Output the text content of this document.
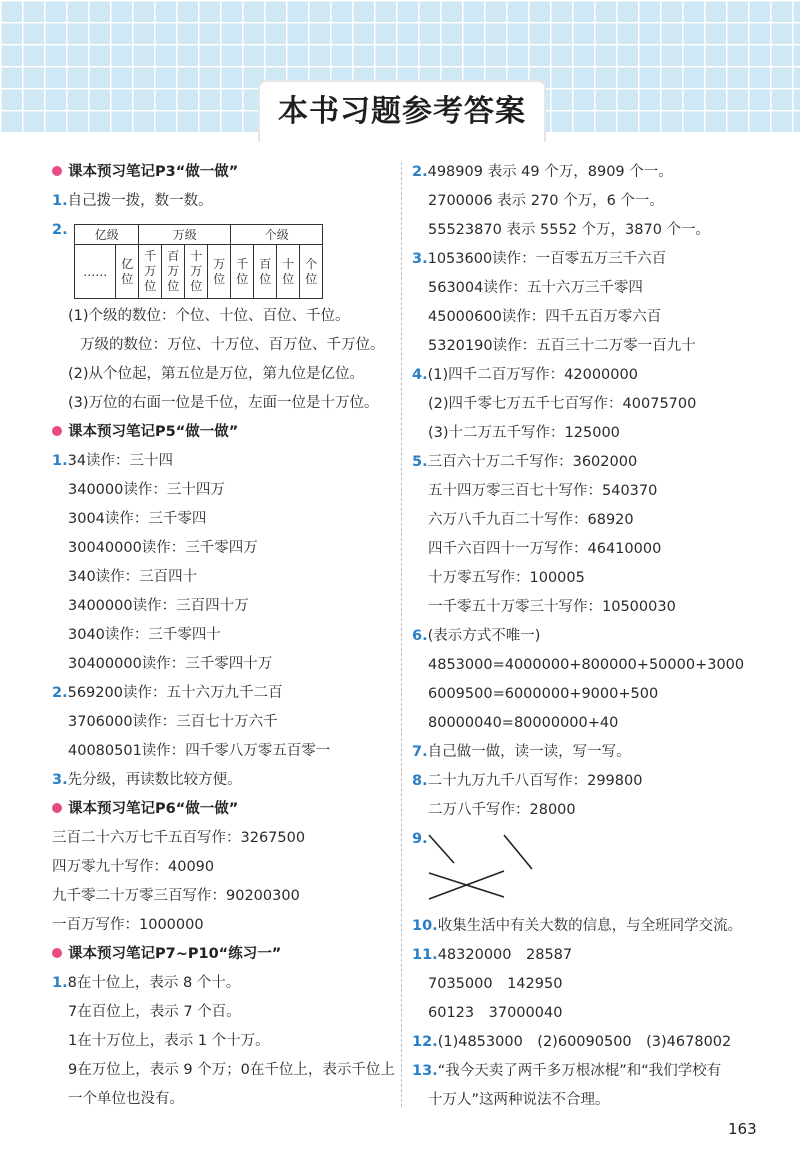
本书习题参考答案
课本预习笔记P3“做一做”
1.自己拨一拨，数一数。
2. 亿级		万级				个级			
……	亿位	千万位	百万位	十万位	万位	千位	百位	十位	个位
(1)个级的数位：个位、十位、百位、千位。
万级的数位：万位、十万位、百万位、千万位。
(2)从个位起，第五位是万位，第九位是亿位。
(3)万位的右面一位是千位，左面一位是十万位。
课本预习笔记P5“做一做”
1.34读作：三十四
340000读作：三十四万
3004读作：三千零四
30040000读作：三千零四万
340读作：三百四十
3400000读作：三百四十万
3040读作：三千零四十
30400000读作：三千零四十万
2.569200读作：五十六万九千二百
3706000读作：三百七十万六千
40080501读作：四千零八万零五百零一
3.先分级，再读数比较方便。
课本预习笔记P6“做一做”
三百二十六万七千五百写作：3267500
四万零九十写作：40090
九千零二十万零三百写作：90200300
一百万写作：1000000
课本预习笔记P7~P10“练习一”
1.8在十位上，表示 8 个十。
7在百位上，表示 7 个百。
1在十万位上，表示 1 个十万。
9在万位上，表示 9 个万；0在千位上，表示千位上
一个单位也没有。
2.498909 表示 49 个万，8909 个一。
2700006 表示 270 个万，6 个一。
55523870 表示 5552 个万，3870 个一。
3.1053600读作：一百零五万三千六百
563004读作：五十六万三千零四
45000600读作：四千五百万零六百
5320190读作：五百三十二万零一百九十
4.(1)四千二百万写作：42000000
(2)四千零七万五千七百写作：40075700
(3)十二万五千写作：125000
5.三百六十万二千写作：3602000
五十四万零三百七十写作：540370
六万八千九百二十写作：68920
四千六百四十一万写作：46410000
十万零五写作：100005
一千零五十万零三十写作：10500030
6.(表示方式不唯一)
4853000=4000000+800000+50000+3000
6009500=6000000+9000+500
80000040=80000000+40
7.自己做一做，读一读，写一写。
8.二十九万九千八百写作：299800
二万八千写作：28000
9.
10.收集生活中有关大数的信息，与全班同学交流。
11.48320000　28587
7035000　142950
60123　37000040
12.(1)4853000　(2)60090500　(3)4678002
13.“我今天卖了两千多万根冰棍”和“我们学校有
十万人”这两种说法不合理。
163
